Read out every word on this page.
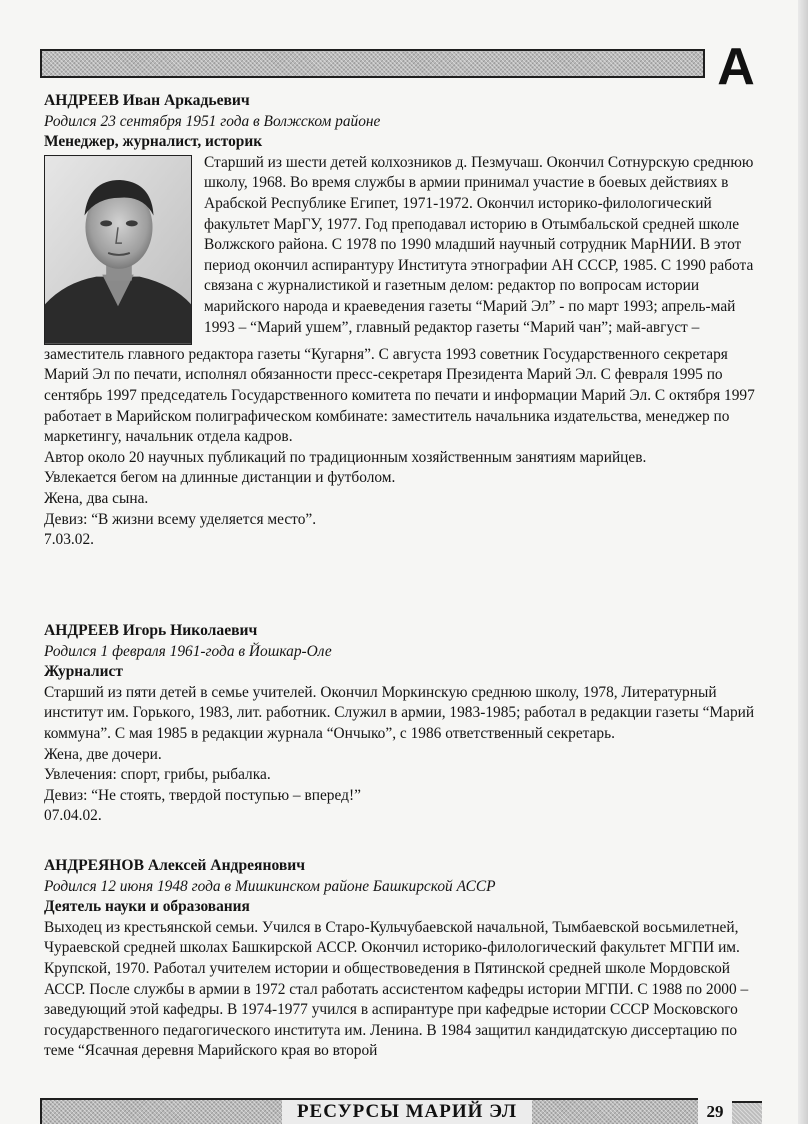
А
АНДРЕЕВ Иван Аркадьевич
Родился 23 сентября 1951 года в Волжском районе
Менеджер, журналист, историк

Старший из шести детей колхозников д. Пезмучаш. Окончил Сотнурскую среднюю школу, 1968. Во время службы в армии принимал участие в боевых действиях в Арабской Республике Египет, 1971-1972. Окончил историко-филологический факультет МарГУ, 1977. Год преподавал историю в Отымбальской средней школе Волжского района. С 1978 по 1990 младший научный сотрудник МарНИИ. В этот период окончил аспирантуру Института этнографии АН СССР, 1985. С 1990 работа связана с журналистикой и газетным делом: редактор по вопросам истории марийского народа и краеведения газеты “Марий Эл” - по март 1993; апрель-май 1993 – “Марий ушем”, главный редактор газеты “Марий чан”; май-август –

заместитель главного редактора газеты “Кугарня”. С августа 1993 советник Государственного секретаря Марий Эл по печати, исполнял обязанности пресс-секретаря Президента Марий Эл. С февраля 1995 по сентябрь 1997 председатель Государственного комитета по печати и информации Марий Эл. С октября 1997 работает в Марийском полиграфическом комбинате: заместитель начальника издательства, менеджер по маркетингу, начальник отдела кадров.

Автор около 20 научных публикаций по традиционным хозяйственным занятиям марийцев.

Увлекается бегом на длинные дистанции и футболом.

Жена, два сына.

Девиз: “В жизни всему уделяется место”.

7.03.02.

АНДРЕЕВ Игорь Николаевич
Родился 1 февраля 1961-года в Йошкар-Оле
Журналист

Старший из пяти детей в семье учителей. Окончил Моркинскую среднюю школу, 1978, Литературный институт им. Горького, 1983, лит. работник. Служил в армии, 1983-1985; работал в редакции газеты “Марий коммуна”. С мая 1985 в редакции журнала “Ончыко”, с 1986 ответственный секретарь.

Жена, две дочери.

Увлечения: спорт, грибы, рыбалка.

Девиз: “Не стоять, твердой поступью – вперед!”

07.04.02.

АНДРЕЯНОВ Алексей Андреянович
Родился 12 июня 1948 года в Мишкинском районе Башкирской АССР
Деятель науки и образования

Выходец из крестьянской семьи. Учился в Старо-Кульчубаевской начальной, Тымбаевской восьмилетней, Чураевской средней школах Башкирской АССР. Окончил историко-филологический факультет МГПИ им. Крупской, 1970. Работал учителем истории и обществоведения в Пятинской средней школе Мордовской АССР. После службы в армии в 1972 стал работать ассистентом кафедры истории МГПИ. С 1988 по 2000 – заведующий этой кафедры. В 1974-1977 учился в аспирантуре при кафедрые истории СССР Московского государственного педагогического института им. Ленина. В 1984 защитил кандидатскую диссертацию по теме “Ясачная деревня Марийского края во второй

РЕСУРСЫ МАРИЙ ЭЛ	29
